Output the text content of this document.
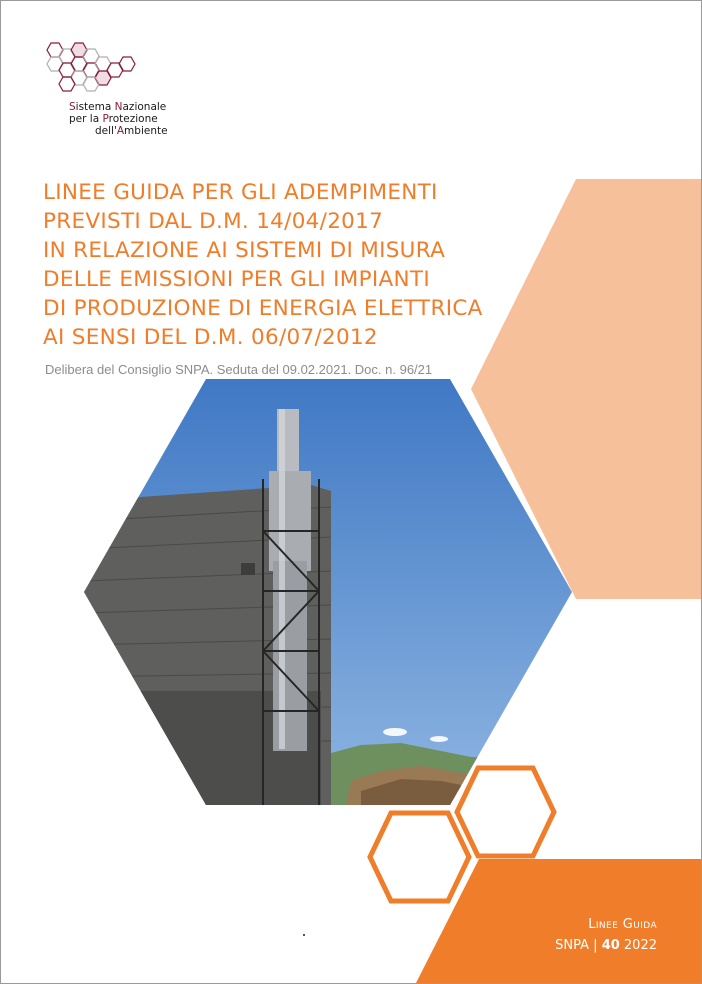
Sistema Nazionale
per la Protezione
dell'Ambiente
LINEE GUIDA PER GLI ADEMPIMENTI
PREVISTI DAL D.M. 14/04/2017
IN RELAZIONE AI SISTEMI DI MISURA
DELLE EMISSIONI PER GLI IMPIANTI
DI PRODUZIONE DI ENERGIA ELETTRICA
AI SENSI DEL D.M. 06/07/2012
Delibera del Consiglio SNPA. Seduta del 09.02.2021. Doc. n. 96/21
Linee Guida
SNPA | 40 2022
